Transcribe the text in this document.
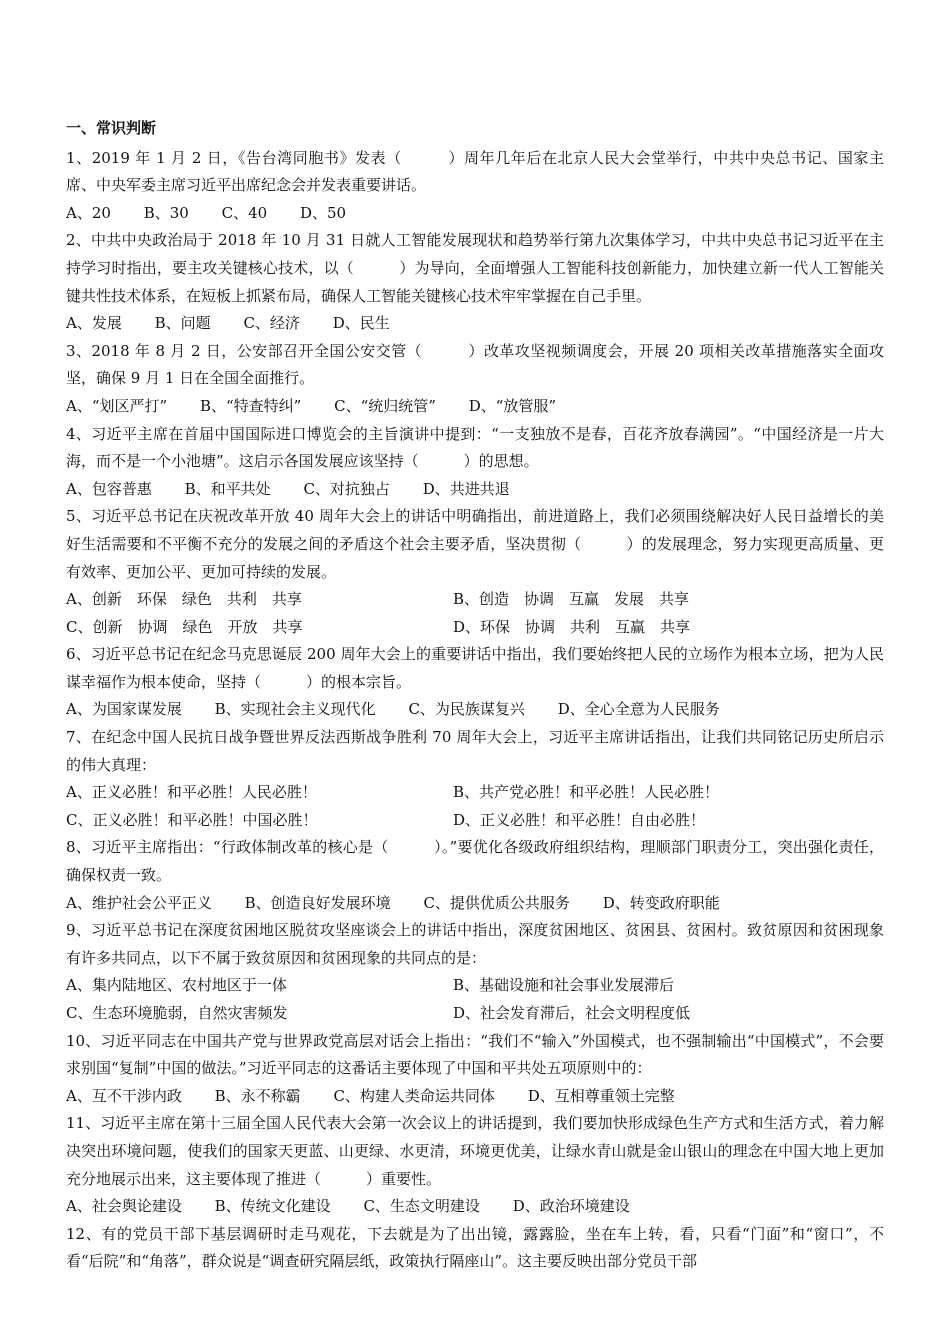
一、常识判断
1、2019 年 1 月 2 日，《告台湾同胞书》发表（　　　）周年几年后在北京人民大会堂举行，中共中央总书记、国家主席、中央军委主席习近平出席纪念会并发表重要讲话。
A、20 B、30 C、40 D、50
2、中共中央政治局于 2018 年 10 月 31 日就人工智能发展现状和趋势举行第九次集体学习，中共中央总书记习近平在主持学习时指出，要主攻关键核心技术，以（　　　）为导向，全面增强人工智能科技创新能力，加快建立新一代人工智能关键共性技术体系，在短板上抓紧布局，确保人工智能关键核心技术牢牢掌握在自己手里。
A、发展 B、问题 C、经济 D、民生
3、2018 年 8 月 2 日，公安部召开全国公安交管（　　　）改革攻坚视频调度会，开展 20 项相关改革措施落实全面攻坚，确保 9 月 1 日在全国全面推行。
A、“划区严打” B、“特查特纠” C、“统归统管” D、“放管服”
4、习近平主席在首届中国国际进口博览会的主旨演讲中提到：“一支独放不是春，百花齐放春满园”。“中国经济是一片大海，而不是一个小池塘”。这启示各国发展应该坚持（　　　）的思想。
A、包容普惠 B、和平共处 C、对抗独占 D、共进共退
5、习近平总书记在庆祝改革开放 40 周年大会上的讲话中明确指出，前进道路上，我们必须围绕解决好人民日益增长的美好生活需要和不平衡不充分的发展之间的矛盾这个社会主要矛盾，坚决贯彻（　　　）的发展理念，努力实现更高质量、更有效率、更加公平、更加可持续的发展。
A、创新　环保　绿色　共利　共享	B、创造　协调　互赢　发展　共享
C、创新　协调　绿色　开放　共享	D、环保　协调　共利　互赢　共享
6、习近平总书记在纪念马克思诞辰 200 周年大会上的重要讲话中指出，我们要始终把人民的立场作为根本立场，把为人民谋幸福作为根本使命，坚持（　　　）的根本宗旨。
A、为国家谋发展 B、实现社会主义现代化 C、为民族谋复兴 D、全心全意为人民服务
7、在纪念中国人民抗日战争暨世界反法西斯战争胜利 70 周年大会上，习近平主席讲话指出，让我们共同铭记历史所启示的伟大真理：
A、正义必胜！和平必胜！人民必胜！	B、共产党必胜！和平必胜！人民必胜！
C、正义必胜！和平必胜！中国必胜！	D、正义必胜！和平必胜！自由必胜！
8、习近平主席指出：“行政体制改革的核心是（　　　）。”要优化各级政府组织结构，理顺部门职责分工，突出强化责任，确保权责一致。
A、维护社会公平正义 B、创造良好发展环境 C、提供优质公共服务 D、转变政府职能
9、习近平总书记在深度贫困地区脱贫攻坚座谈会上的讲话中指出，深度贫困地区、贫困县、贫困村。致贫原因和贫困现象有许多共同点，以下不属于致贫原因和贫困现象的共同点的是：
A、集内陆地区、农村地区于一体	B、基础设施和社会事业发展滞后
C、生态环境脆弱，自然灾害频发	D、社会发育滞后，社会文明程度低
10、习近平同志在中国共产党与世界政党高层对话会上指出：“我们不“输入”外国模式，也不强制输出“中国模式”，不会要求别国“复制”中国的做法。”习近平同志的这番话主要体现了中国和平共处五项原则中的：
A、互不干涉内政 B、永不称霸 C、构建人类命运共同体 D、互相尊重领土完整
11、习近平主席在第十三届全国人民代表大会第一次会议上的讲话提到，我们要加快形成绿色生产方式和生活方式，着力解决突出环境问题，使我们的国家天更蓝、山更绿、水更清，环境更优美，让绿水青山就是金山银山的理念在中国大地上更加充分地展示出来，这主要体现了推进（　　　）重要性。
A、社会舆论建设 B、传统文化建设 C、生态文明建设 D、政治环境建设
12、有的党员干部下基层调研时走马观花，下去就是为了出出镜，露露脸，坐在车上转，看，只看“门面”和“窗口”，不看“后院”和“角落”，群众说是“调查研究隔层纸，政策执行隔座山”。这主要反映出部分党员干部
